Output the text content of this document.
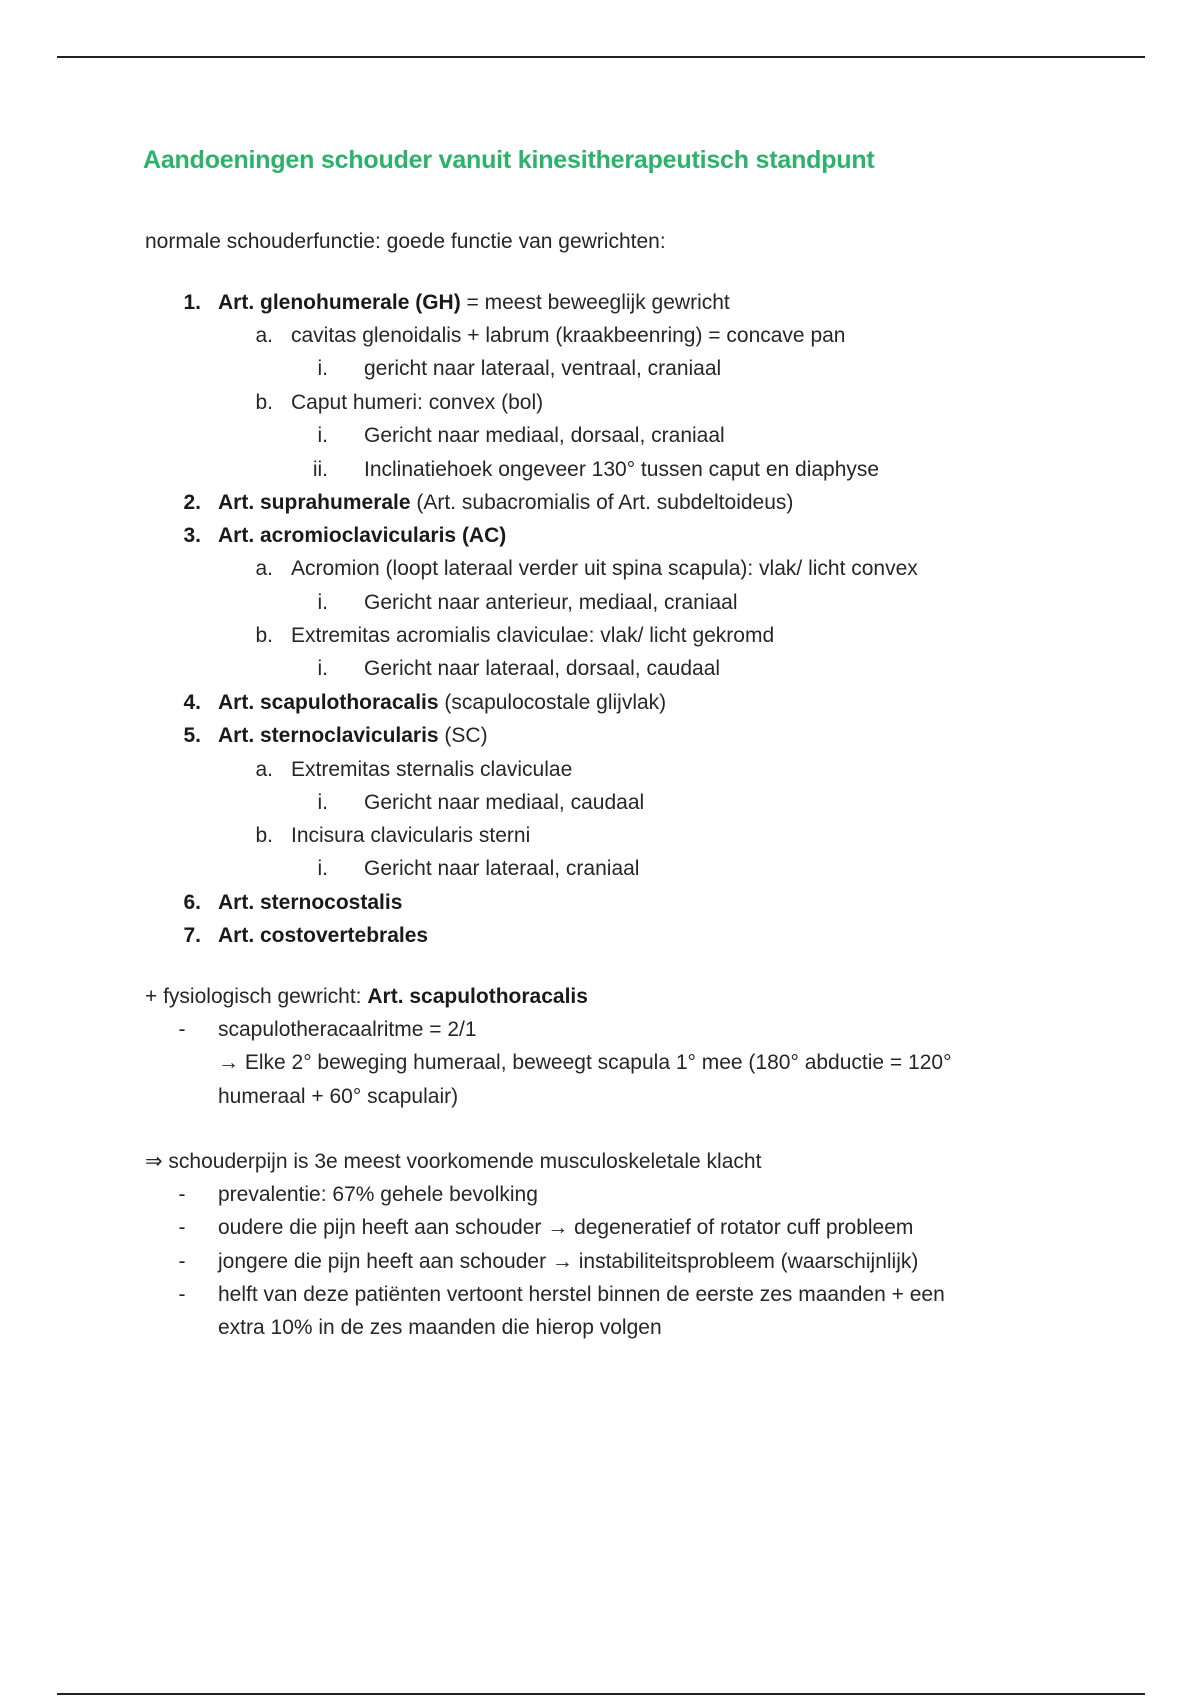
Aandoeningen schouder vanuit kinesitherapeutisch standpunt
normale schouderfunctie: goede functie van gewrichten:
1. Art. glenohumerale (GH) = meest beweeglijk gewricht
a. cavitas glenoidalis + labrum (kraakbeenring) = concave pan
i. gericht naar lateraal, ventraal, craniaal
b. Caput humeri: convex (bol)
i. Gericht naar mediaal, dorsaal, craniaal
ii. Inclinatiehoek ongeveer 130° tussen caput en diaphyse
2. Art. suprahumerale (Art. subacromialis of Art. subdeltoideus)
3. Art. acromioclavicularis (AC)
a. Acromion (loopt lateraal verder uit spina scapula): vlak/ licht convex
i. Gericht naar anterieur, mediaal, craniaal
b. Extremitas acromialis claviculae: vlak/ licht gekromd
i. Gericht naar lateraal, dorsaal, caudaal
4. Art. scapulothoracalis (scapulocostale glijvlak)
5. Art. sternoclavicularis (SC)
a. Extremitas sternalis claviculae
i. Gericht naar mediaal, caudaal
b. Incisura clavicularis sterni
i. Gericht naar lateraal, craniaal
6. Art. sternocostalis
7. Art. costovertebrales
+ fysiologisch gewricht: Art. scapulothoracalis
- scapulotheracaalritme = 2/1
→ Elke 2° beweging humeraal, beweegt scapula 1° mee (180° abductie = 120°
humeraal + 60° scapulair)
⇒ schouderpijn is 3e meest voorkomende musculoskeletale klacht
- prevalentie: 67% gehele bevolking
- oudere die pijn heeft aan schouder → degeneratief of rotator cuff probleem
- jongere die pijn heeft aan schouder → instabiliteitsprobleem (waarschijnlijk)
- helft van deze patiënten vertoont herstel binnen de eerste zes maanden + een
extra 10% in de zes maanden die hierop volgen
